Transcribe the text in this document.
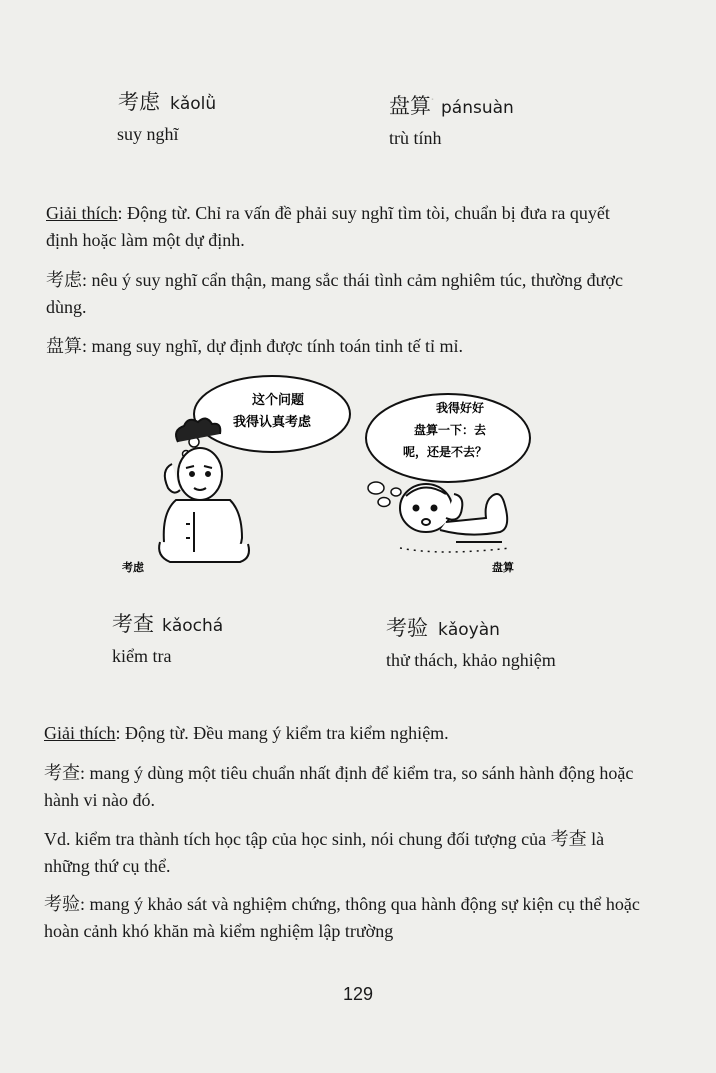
·
考虑 kǎolǜ
suy nghĩ
盘算 pánsuàn
trù tính
Giải thích: Động từ. Chỉ ra vấn đề phải suy nghĩ tìm tòi, chuẩn bị đưa ra quyết định hoặc làm một dự định.
考虑: nêu ý suy nghĩ cẩn thận, mang sắc thái tình cảm nghiêm túc, thường được dùng.
盘算: mang suy nghĩ, dự định được tính toán tinh tế tỉ mỉ.
这个问题
我得认真考虑
我得好好
盘算一下：去
呢，还是不去？
考虑	盘算
考查 kǎochá
kiểm tra
考验 kǎoyàn
thử thách, khảo nghiệm
Giải thích: Động từ. Đều mang ý kiểm tra kiểm nghiệm.
考查: mang ý dùng một tiêu chuẩn nhất định để kiểm tra, so sánh hành động hoặc hành vi nào đó.
Vd. kiểm tra thành tích học tập của học sinh, nói chung đối tượng của 考查 là những thứ cụ thể.
考验: mang ý khảo sát và nghiệm chứng, thông qua hành động sự kiện cụ thể hoặc hoàn cảnh khó khăn mà kiểm nghiệm lập trường
129
